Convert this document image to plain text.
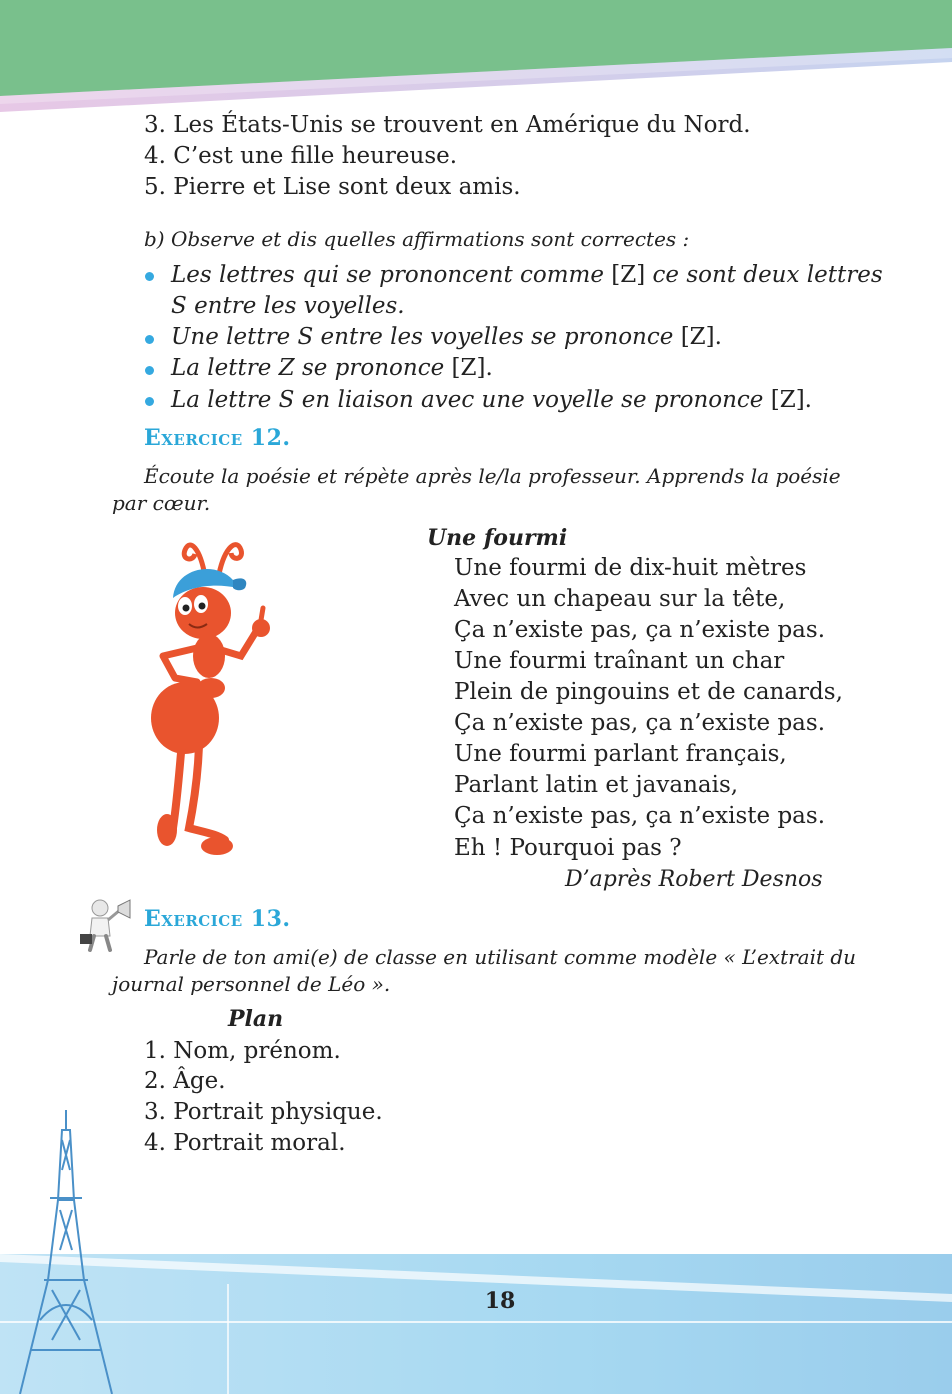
3. Les États-Unis se trouvent en Amérique du Nord.
4. C’est une fille heureuse.
5. Pierre et Lise sont deux amis.
b) Observe et dis quelles affirmations sont correctes :
Les lettres qui se prononcent comme [Z] ce sont deux lettres
S entre les voyelles.
Une lettre S entre les voyelles se prononce [Z].
La lettre Z se prononce [Z].
La lettre S en liaison avec une voyelle se prononce [Z].
Exercice 12.
Écoute la poésie et répète après le/la professeur. Apprends la poésie
par cœur.
Une fourmi
Une fourmi de dix-huit mètres
Avec un chapeau sur la tête,
Ça n’existe pas, ça n’existe pas.
Une fourmi traînant un char
Plein de pingouins et de canards,
Ça n’existe pas, ça n’existe pas.
Une fourmi parlant français,
Parlant latin et javanais,
Ça n’existe pas, ça n’existe pas.
Eh ! Pourquoi pas ?
D’après Robert Desnos
Exercice 13.
Parle de ton ami(e) de classe en utilisant comme modèle « L’extrait du
journal personnel de Léo ».
Plan
1. Nom, prénom.
2. Âge.
3. Portrait physique.
4. Portrait moral.
18
